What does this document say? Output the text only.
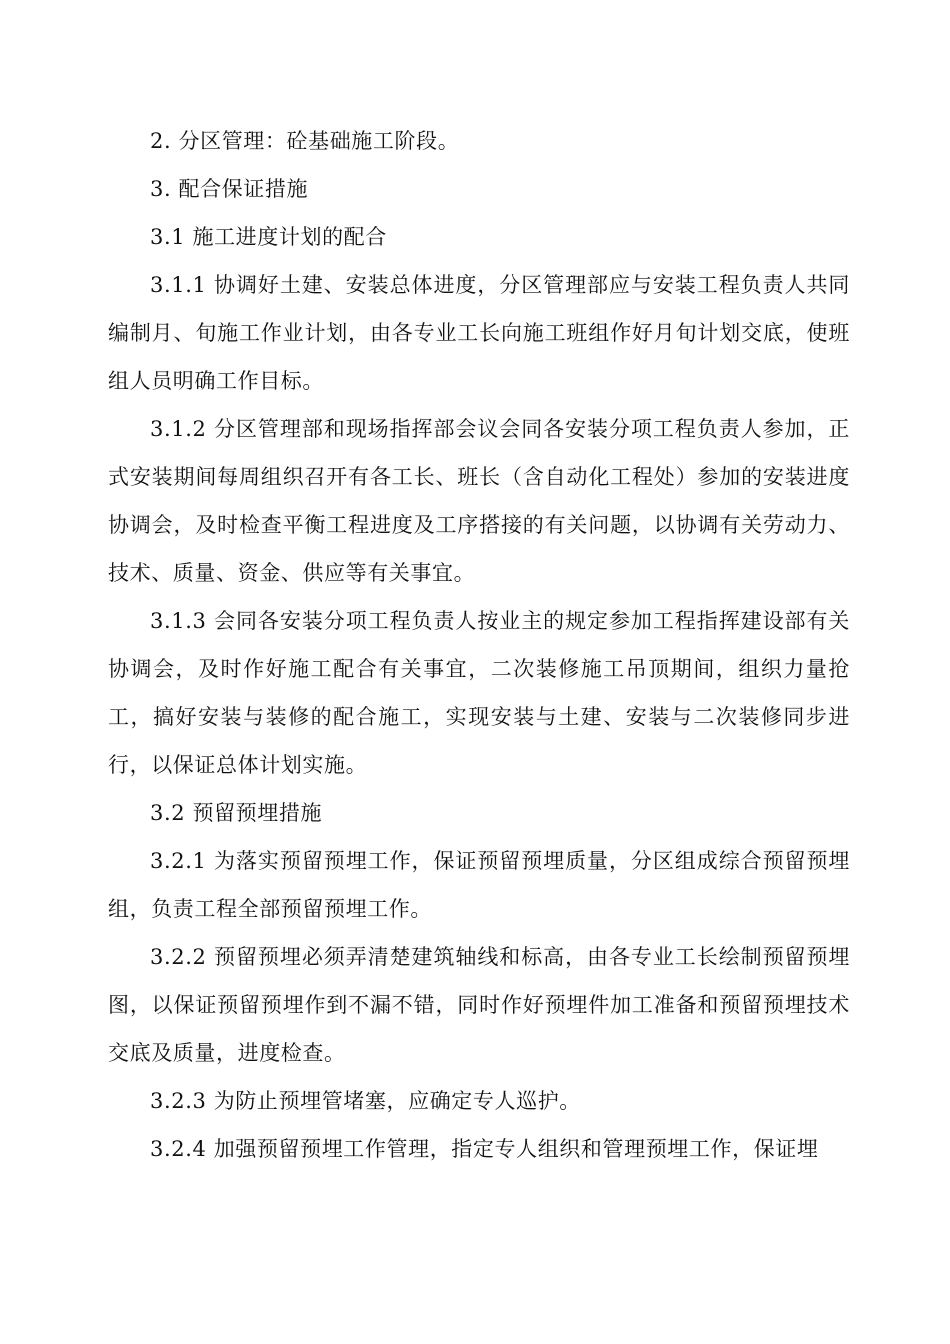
2. 分区管理：砼基础施工阶段。

3. 配合保证措施

3.1 施工进度计划的配合

3.1.1 协调好土建、安装总体进度，分区管理部应与安装工程负责人共同编制月、旬施工作业计划，由各专业工长向施工班组作好月旬计划交底，使班组人员明确工作目标。

3.1.2 分区管理部和现场指挥部会议会同各安装分项工程负责人参加，正式安装期间每周组织召开有各工长、班长（含自动化工程处）参加的安装进度协调会，及时检查平衡工程进度及工序搭接的有关问题，以协调有关劳动力、技术、质量、资金、供应等有关事宜。

3.1.3 会同各安装分项工程负责人按业主的规定参加工程指挥建设部有关协调会，及时作好施工配合有关事宜，二次装修施工吊顶期间，组织力量抢工，搞好安装与装修的配合施工，实现安装与土建、安装与二次装修同步进行，以保证总体计划实施。

3.2 预留预埋措施

3.2.1 为落实预留预埋工作，保证预留预埋质量，分区组成综合预留预埋组，负责工程全部预留预埋工作。

3.2.2 预留预埋必须弄清楚建筑轴线和标高，由各专业工长绘制预留预埋图，以保证预留预埋作到不漏不错，同时作好预埋件加工准备和预留预埋技术交底及质量，进度检查。

3.2.3 为防止预埋管堵塞，应确定专人巡护。

3.2.4 加强预留预埋工作管理，指定专人组织和管理预埋工作，保证埋
